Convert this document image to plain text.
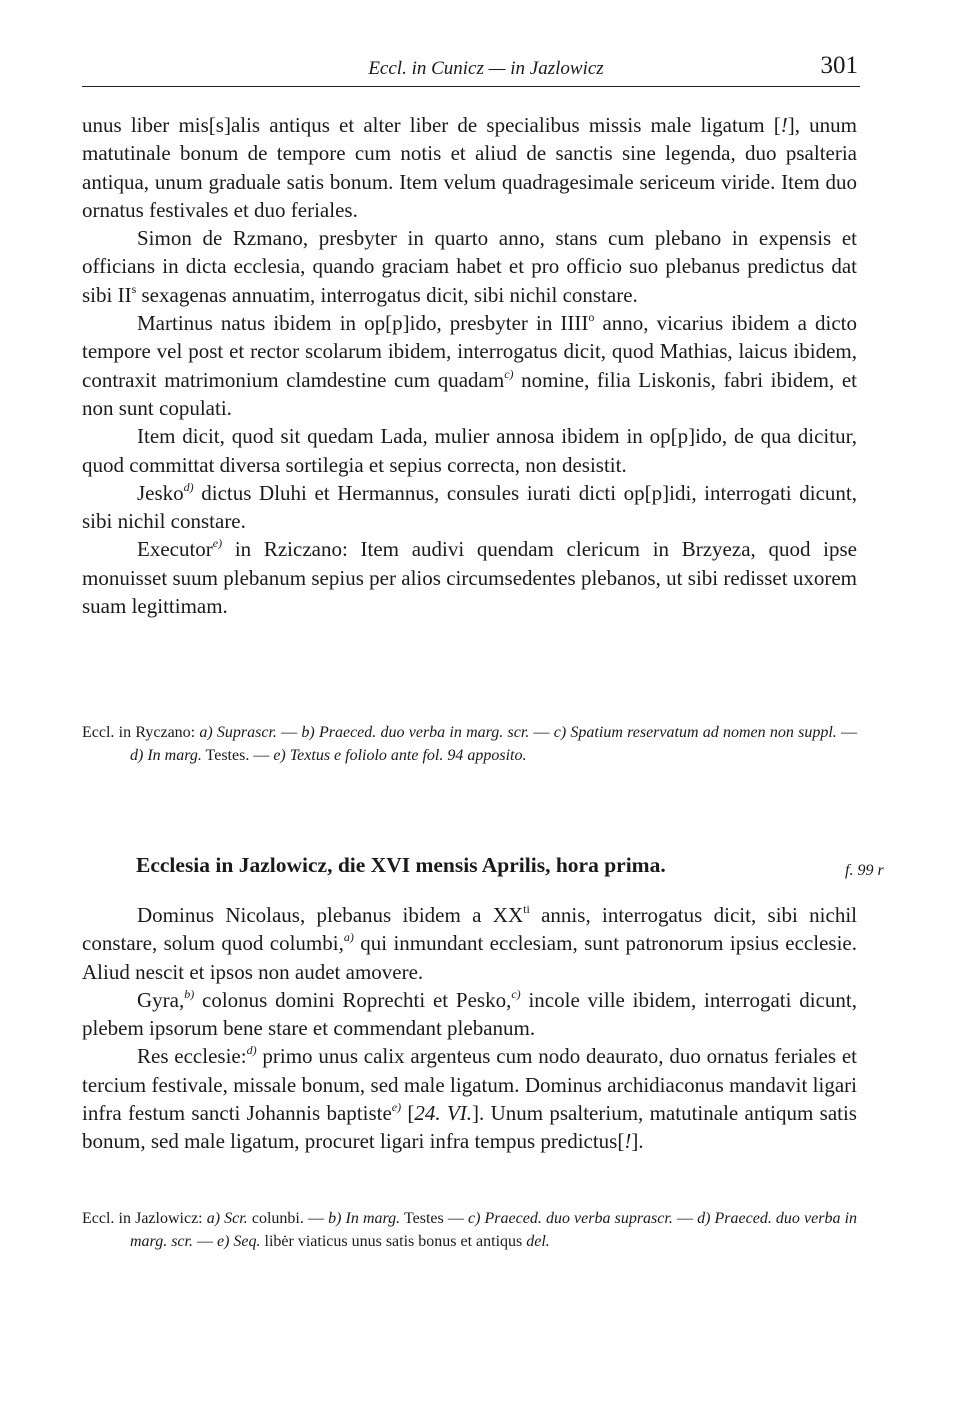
Eccl. in Cunicz — in Jazlowicz	301

unus liber mis[s]alis antiqus et alter liber de specialibus missis male ligatum [!], unum matutinale bonum de tempore cum notis et aliud de sanctis sine legenda, duo psalteria antiqua, unum graduale satis bonum. Item velum quadragesimale sericeum viride. Item duo ornatus festivales et duo feriales.

Simon de Rzmano, presbyter in quarto anno, stans cum plebano in expensis et officians in dicta ecclesia, quando graciam habet et pro officio suo plebanus predictus dat sibi $II^s$ sexagenas annuatim, interrogatus dicit, sibi nichil constare.

Martinus natus ibidem in op[p]ido, presbyter in IIII$^o$ anno, vicarius ibidem a dicto tempore vel post et rector scolarum ibidem, interrogatus dicit, quod Mathias, laicus ibidem, contraxit matrimonium clamdestine cum quadam$^{c)}$ nomine, filia Liskonis, fabri ibidem, et non sunt copulati.

Item dicit, quod sit quedam Lada, mulier annosa ibidem in op[p]ido, de qua dicitur, quod committat diversa sortilegia et sepius correcta, non desistit.

Jesko$^{d)}$ dictus Dluhi et Hermannus, consules iurati dicti op[p]idi, interrogati dicunt, sibi nichil constare.

Executor$^{e)}$ in Rziczano: Item audivi quendam clericum in Brzyeza, quod ipse monuisset suum plebanum sepius per alios circumsedentes plebanos, ut sibi redisset uxorem suam legittimam.

Eccl. in Ryczano: a) Suprascr. — b) Praeced. duo verba in marg. scr. — c) Spatium reservatum ad nomen non suppl. — d) In marg. Testes. — e) Textus e foliolo ante fol. 94 apposito.
Ecclesia in Jazlowicz, die XVI mensis Aprilis, hora prima.	f. 99 r

Dominus Nicolaus, plebanus ibidem a $XX^{ti}$ annis, interrogatus dicit, sibi nichil constare, solum quod columbi,$^{a)}$ qui inmundant ecclesiam, sunt patronorum ipsius ecclesie. Aliud nescit et ipsos non audet amovere.

Gyra,$^{b)}$ colonus domini Roprechti et Pesko,$^{c)}$ incole ville ibidem, interrogati dicunt, plebem ipsorum bene stare et commendant plebanum.

Res ecclesie:$^{d)}$ primo unus calix argenteus cum nodo deaurato, duo ornatus feriales et tercium festivale, missale bonum, sed male ligatum. Dominus archidiaconus mandavit ligari infra festum sancti Johannis baptiste$^{e)}$ [24. VI.]. Unum psalterium, matutinale antiqum satis bonum, sed male ligatum, procuret ligari infra tempus predictus[!].

Eccl. in Jazlowicz: a) Scr. colunbi. — b) In marg. Testes — c) Praeced. duo verba suprascr. — d) Praeced. duo verba in marg. scr. — e) Seq. libėr viaticus unus satis bonus et antiqus del.
